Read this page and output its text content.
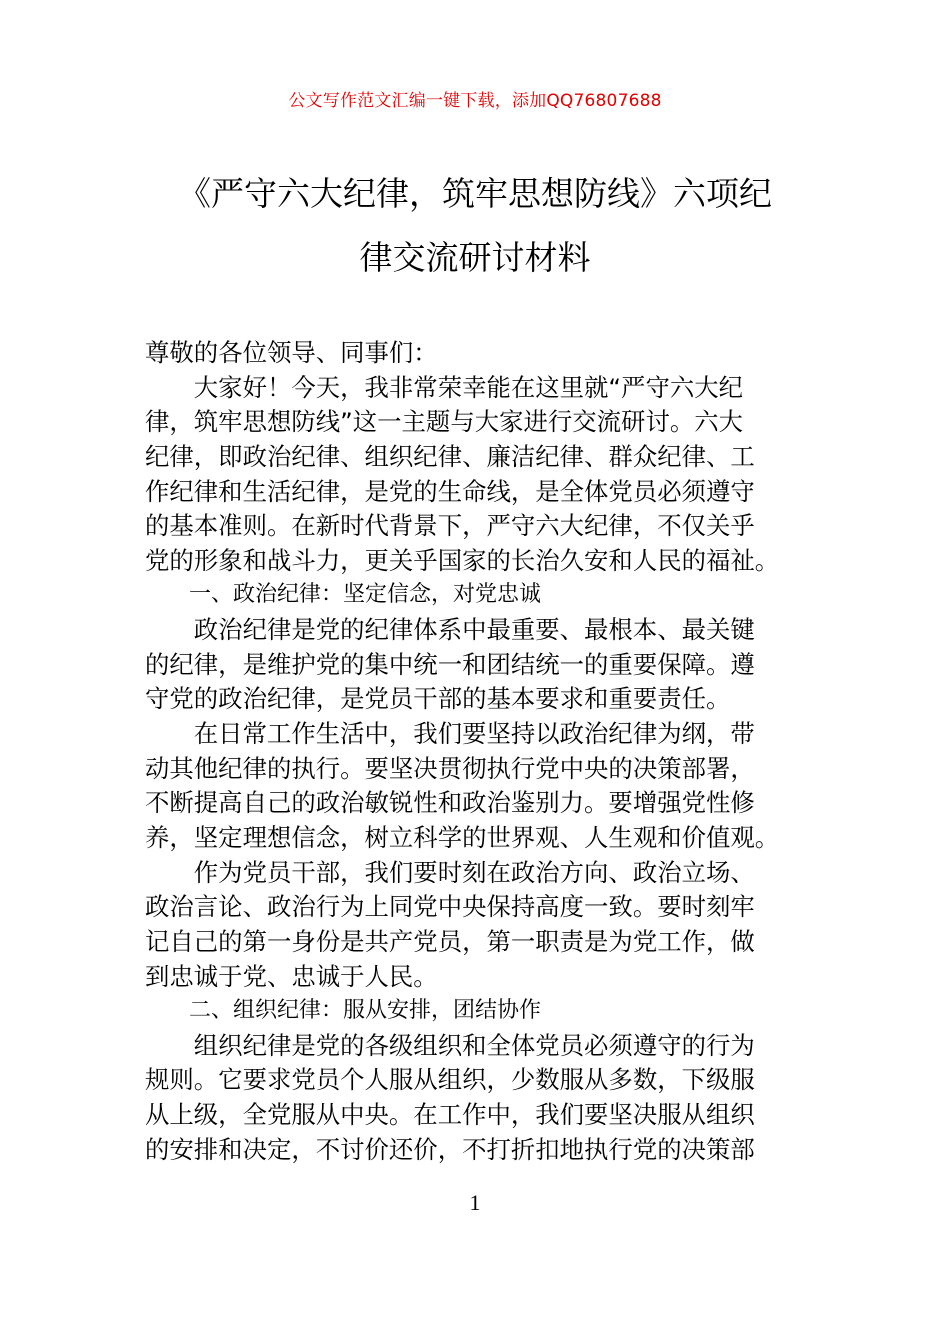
公文写作范文汇编一键下载，添加QQ76807688
《严守六大纪律，筑牢思想防线》六项纪
律交流研讨材料
尊敬的各位领导、同事们：
　　大家好！今天，我非常荣幸能在这里就“严守六大纪
律，筑牢思想防线”这一主题与大家进行交流研讨。六大
纪律，即政治纪律、组织纪律、廉洁纪律、群众纪律、工
作纪律和生活纪律，是党的生命线，是全体党员必须遵守
的基本准则。在新时代背景下，严守六大纪律，不仅关乎
党的形象和战斗力，更关乎国家的长治久安和人民的福祉。
　　一、政治纪律：坚定信念，对党忠诚
　　政治纪律是党的纪律体系中最重要、最根本、最关键
的纪律，是维护党的集中统一和团结统一的重要保障。遵
守党的政治纪律，是党员干部的基本要求和重要责任。
　　在日常工作生活中，我们要坚持以政治纪律为纲，带
动其他纪律的执行。要坚决贯彻执行党中央的决策部署，
不断提高自己的政治敏锐性和政治鉴别力。要增强党性修
养，坚定理想信念，树立科学的世界观、人生观和价值观。
　　作为党员干部，我们要时刻在政治方向、政治立场、
政治言论、政治行为上同党中央保持高度一致。要时刻牢
记自己的第一身份是共产党员，第一职责是为党工作，做
到忠诚于党、忠诚于人民。
　　二、组织纪律：服从安排，团结协作
　　组织纪律是党的各级组织和全体党员必须遵守的行为
规则。它要求党员个人服从组织，少数服从多数，下级服
从上级，全党服从中央。在工作中，我们要坚决服从组织
的安排和决定，不讨价还价，不打折扣地执行党的决策部
1
